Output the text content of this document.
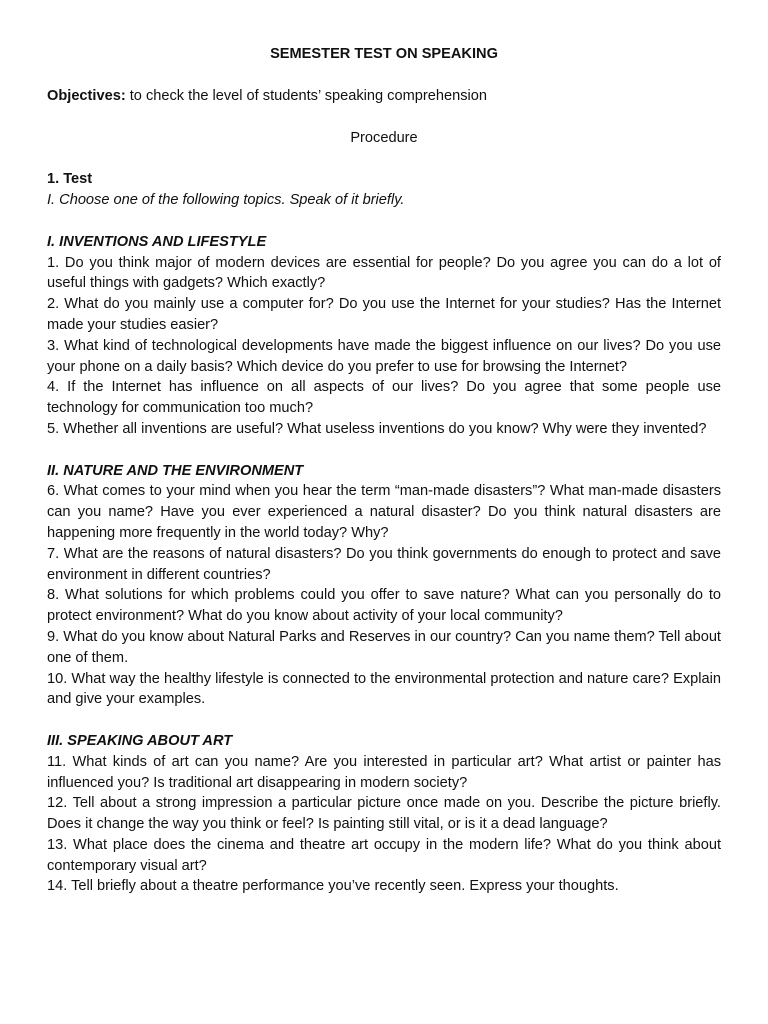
SEMESTER TEST ON SPEAKING
Objectives: to check the level of students’ speaking comprehension
Procedure
1. Test
I. Choose one of the following topics. Speak of it briefly.
I. INVENTIONS AND LIFESTYLE

1. Do you think major of modern devices are essential for people? Do you agree you can do a lot of useful things with gadgets? Which exactly?

2. What do you mainly use a computer for? Do you use the Internet for your studies? Has the Internet made your studies easier?

3. What kind of technological developments have made the biggest influence on our lives? Do you use your phone on a daily basis? Which device do you prefer to use for browsing the Internet?

4. If the Internet has influence on all aspects of our lives? Do you agree that some people use technology for communication too much?

5. Whether all inventions are useful? What useless inventions do you know? Why were they invented?

II. NATURE AND THE ENVIRONMENT

6. What comes to your mind when you hear the term “man-made disasters”? What man-made disasters can you name? Have you ever experienced a natural disaster? Do you think natural disasters are happening more frequently in the world today? Why?

7. What are the reasons of natural disasters? Do you think governments do enough to protect and save environment in different countries?

8. What solutions for which problems could you offer to save nature? What can you personally do to protect environment? What do you know about activity of your local community?

9. What do you know about Natural Parks and Reserves in our country? Can you name them? Tell about one of them.

10. What way the healthy lifestyle is connected to the environmental protection and nature care? Explain and give your examples.

III. SPEAKING ABOUT ART

11. What kinds of art can you name? Are you interested in particular art? What artist or painter has influenced you? Is traditional art disappearing in modern society?

12. Tell about a strong impression a particular picture once made on you. Describe the picture briefly. Does it change the way you think or feel? Is painting still vital, or is it a dead language?

13. What place does the cinema and theatre art occupy in the modern life? What do you think about contemporary visual art?

14. Tell briefly about a theatre performance you’ve recently seen. Express your thoughts.
